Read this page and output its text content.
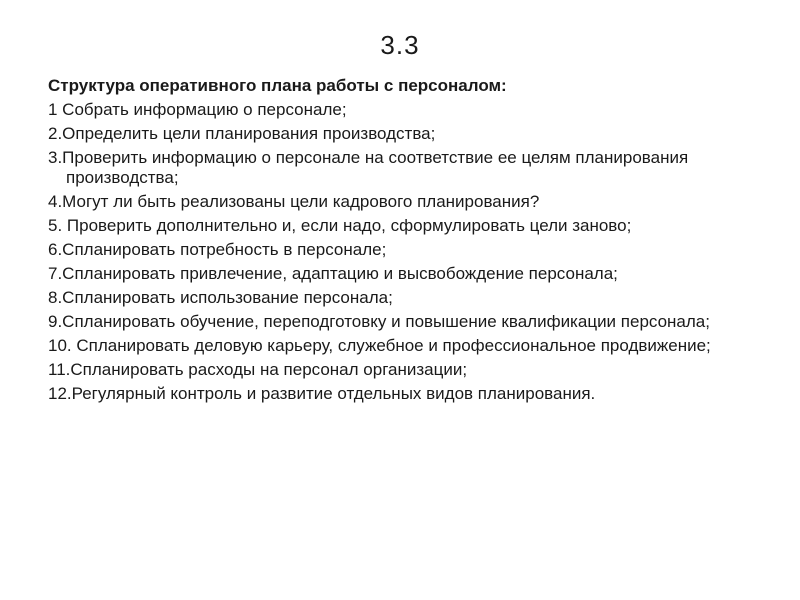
3.3
Структура оперативного плана работы с персоналом:
1 Собрать информацию о персонале;
2.Определить цели планирования производства;
3.Проверить информацию о персонале на соответствие ее целям планирования производства;
4.Могут ли быть реализованы цели кадрового планирования?
5. Проверить дополнительно и, если надо, сформулировать цели заново;
6.Спланировать потребность в персонале;
7.Спланировать привлечение, адаптацию и высвобождение персонала;
8.Спланировать использование персонала;
9.Спланировать обучение, переподготовку и повышение квалификации персонала;
10. Спланировать деловую карьеру, служебное и профессиональное продвижение;
11.Спланировать расходы на персонал организации;
12.Регулярный контроль и развитие отдельных видов планирования.
